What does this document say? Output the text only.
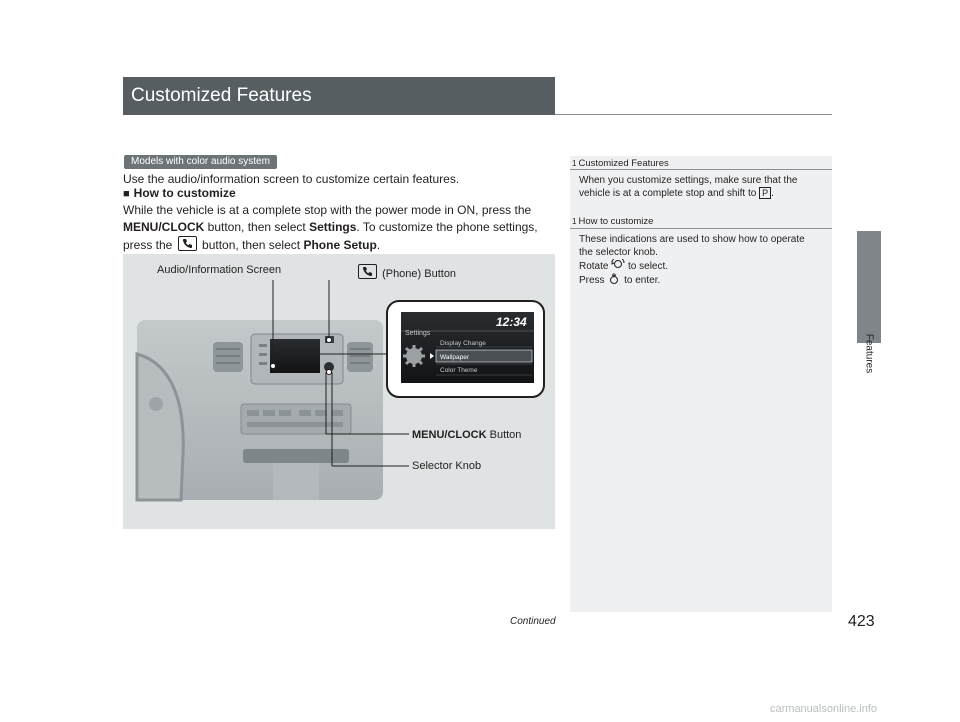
Customized Features
Features
Models with color audio system
Use the audio/information screen to customize certain features.
■ How to customize
While the vehicle is at a complete stop with the power mode in ON, press the
MENU/CLOCK button, then select Settings. To customize the phone settings,
press the
button, then select Phone Setup.
12:34
Settings
Display Change
Wallpaper
Color Theme
Audio/Information Screen	(Phone) Button
MENU/CLOCK Button
Selector Knob
1 Customized Features
When you customize settings, make sure that the
vehicle is at a complete stop and shift to P .
1 How to customize
These indications are used to show how to operate
the selector knob.
Rotate to select.
Press to enter.
Continued	423
carmanualsonline.info
